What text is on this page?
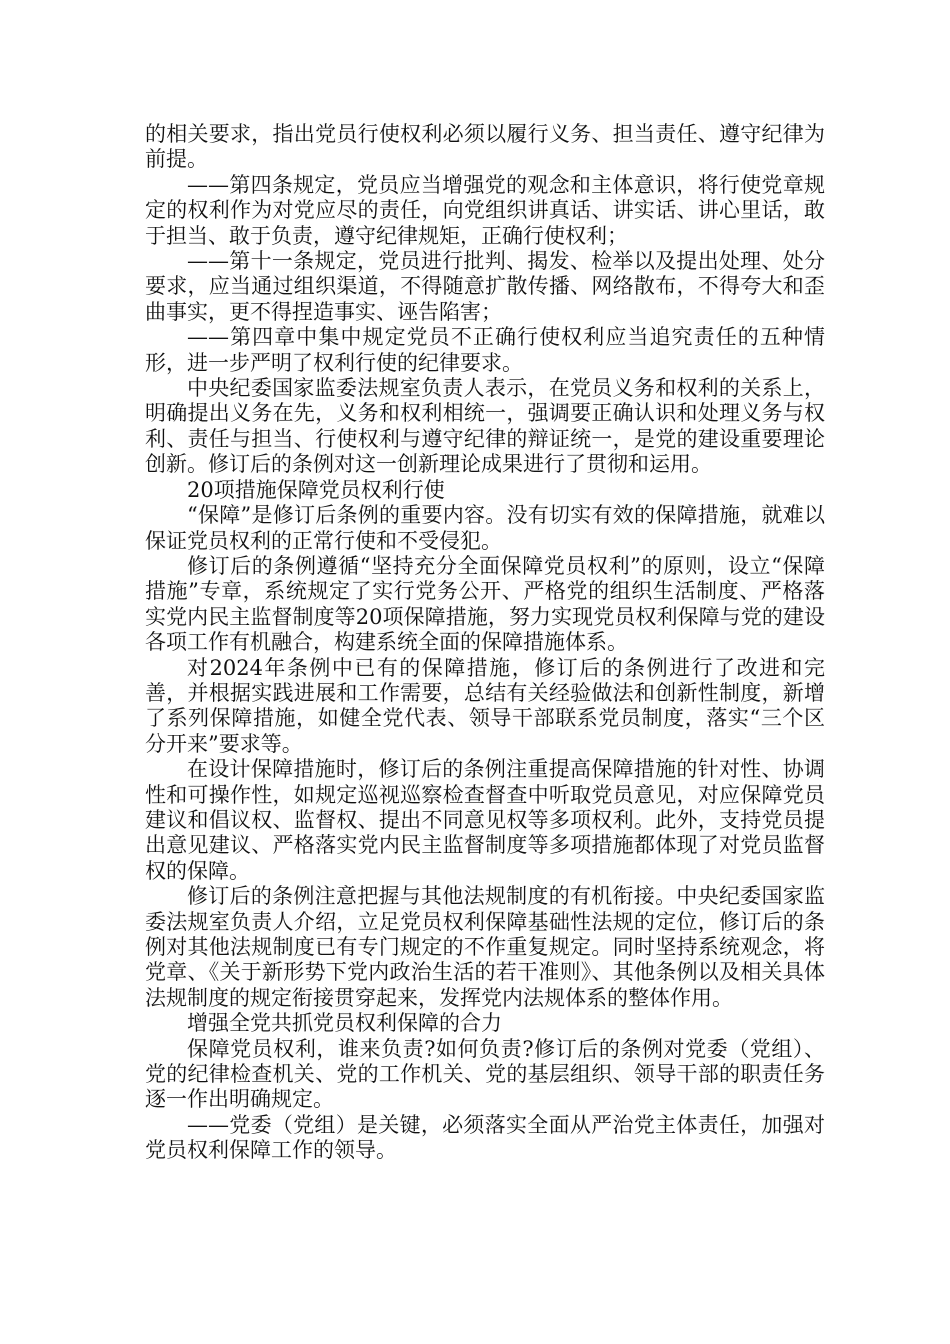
的相关要求，指出党员行使权利必须以履行义务、担当责任、遵守纪律为前提。

——第四条规定，党员应当增强党的观念和主体意识，将行使党章规定的权利作为对党应尽的责任，向党组织讲真话、讲实话、讲心里话，敢于担当、敢于负责，遵守纪律规矩，正确行使权利；

——第十一条规定，党员进行批判、揭发、检举以及提出处理、处分要求，应当通过组织渠道，不得随意扩散传播、网络散布，不得夸大和歪曲事实，更不得捏造事实、诬告陷害；

——第四章中集中规定党员不正确行使权利应当追究责任的五种情形，进一步严明了权利行使的纪律要求。

中央纪委国家监委法规室负责人表示，在党员义务和权利的关系上，明确提出义务在先，义务和权利相统一，强调要正确认识和处理义务与权利、责任与担当、行使权利与遵守纪律的辩证统一，是党的建设重要理论创新。修订后的条例对这一创新理论成果进行了贯彻和运用。

20项措施保障党员权利行使

“保障”是修订后条例的重要内容。没有切实有效的保障措施，就难以保证党员权利的正常行使和不受侵犯。

修订后的条例遵循“坚持充分全面保障党员权利”的原则，设立“保障措施”专章，系统规定了实行党务公开、严格党的组织生活制度、严格落实党内民主监督制度等20项保障措施，努力实现党员权利保障与党的建设各项工作有机融合，构建系统全面的保障措施体系。

对2024年条例中已有的保障措施，修订后的条例进行了改进和完善，并根据实践进展和工作需要，总结有关经验做法和创新性制度，新增了系列保障措施，如健全党代表、领导干部联系党员制度，落实“三个区分开来”要求等。

在设计保障措施时，修订后的条例注重提高保障措施的针对性、协调性和可操作性，如规定巡视巡察检查督查中听取党员意见，对应保障党员建议和倡议权、监督权、提出不同意见权等多项权利。此外，支持党员提出意见建议、严格落实党内民主监督制度等多项措施都体现了对党员监督权的保障。

修订后的条例注意把握与其他法规制度的有机衔接。中央纪委国家监委法规室负责人介绍，立足党员权利保障基础性法规的定位，修订后的条例对其他法规制度已有专门规定的不作重复规定。同时坚持系统观念，将党章、《关于新形势下党内政治生活的若干准则》、其他条例以及相关具体法规制度的规定衔接贯穿起来，发挥党内法规体系的整体作用。

增强全党共抓党员权利保障的合力

保障党员权利，谁来负责?如何负责?修订后的条例对党委（党组）、党的纪律检查机关、党的工作机关、党的基层组织、领导干部的职责任务逐一作出明确规定。

——党委（党组）是关键，必须落实全面从严治党主体责任，加强对党员权利保障工作的领导。
